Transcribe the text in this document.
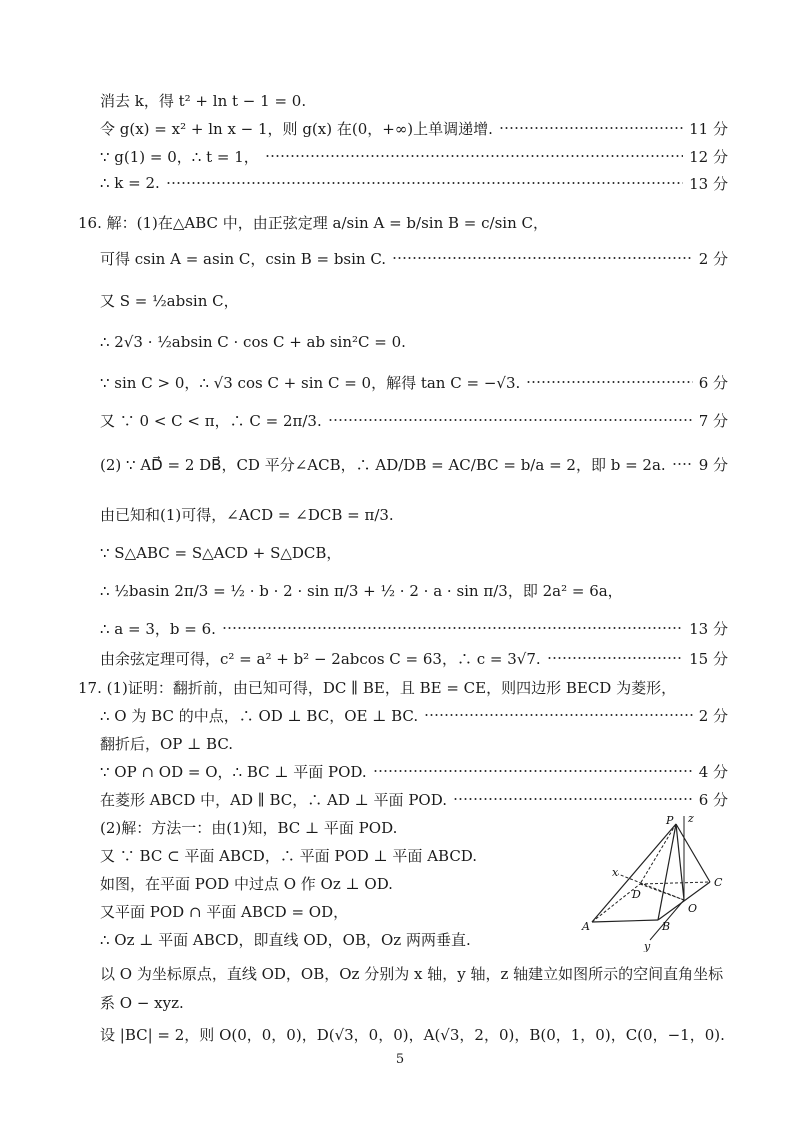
消去 k，得 t² + ln t − 1 = 0.
令 g(x) = x² + ln x − 1，则 g(x) 在(0，+∞)上单调递增.	11 分
∵ g(1) = 0，∴ t = 1，	12 分
∴ k = 2.	13 分
16. 解：(1)在△ABC 中，由正弦定理 a/sin A = b/sin B = c/sin C，
可得 csin A = asin C，csin B = bsin C.	2 分
又 S = ½absin C，
∴ 2√3 · ½absin C · cos C + ab sin²C = 0.
∵ sin C > 0，∴ √3 cos C + sin C = 0，解得 tan C = −√3.	6 分
又 ∵ 0 < C < π，∴ C = 2π/3.	7 分
(2) ∵ AD⃗ = 2 DB⃗，CD 平分∠ACB，∴ AD/DB = AC/BC = b/a = 2，即 b = 2a. 9 分
由已知和(1)可得，∠ACD = ∠DCB = π/3.
∵ S△ABC = S△ACD + S△DCB，
∴ ½basin 2π/3 = ½ · b · 2 · sin π/3 + ½ · 2 · a · sin π/3，即 2a² = 6a，
∴ a = 3，b = 6.	13 分
由余弦定理可得，c² = a² + b² − 2abcos C = 63，∴ c = 3√7.	15 分
17. (1)证明：翻折前，由已知可得，DC ∥ BE，且 BE = CE，则四边形 BECD 为菱形，
∴ O 为 BC 的中点，∴ OD ⊥ BC，OE ⊥ BC.	2 分
翻折后，OP ⊥ BC.
∵ OP ∩ OD = O，∴ BC ⊥ 平面 POD.	4 分
在菱形 ABCD 中，AD ∥ BC，∴ AD ⊥ 平面 POD.	6 分
(2)解：方法一：由(1)知，BC ⊥ 平面 POD.
又 ∵ BC ⊂ 平面 ABCD，∴ 平面 POD ⊥ 平面 ABCD.
如图，在平面 POD 中过点 O 作 Oz ⊥ OD.
又平面 POD ∩ 平面 ABCD = OD，
∴ Oz ⊥ 平面 ABCD，即直线 OD，OB，Oz 两两垂直.
以 O 为坐标原点，直线 OD，OB，Oz 分别为 x 轴，y 轴，z 轴建立如图所示的空间直角坐标
系 O − xyz.
设 |BC| = 2，则 O(0，0，0)，D(√3，0，0)，A(√3，2，0)，B(0，1，0)，C(0，−1，0).
P z
x
C
D
O
A	B
y
5
